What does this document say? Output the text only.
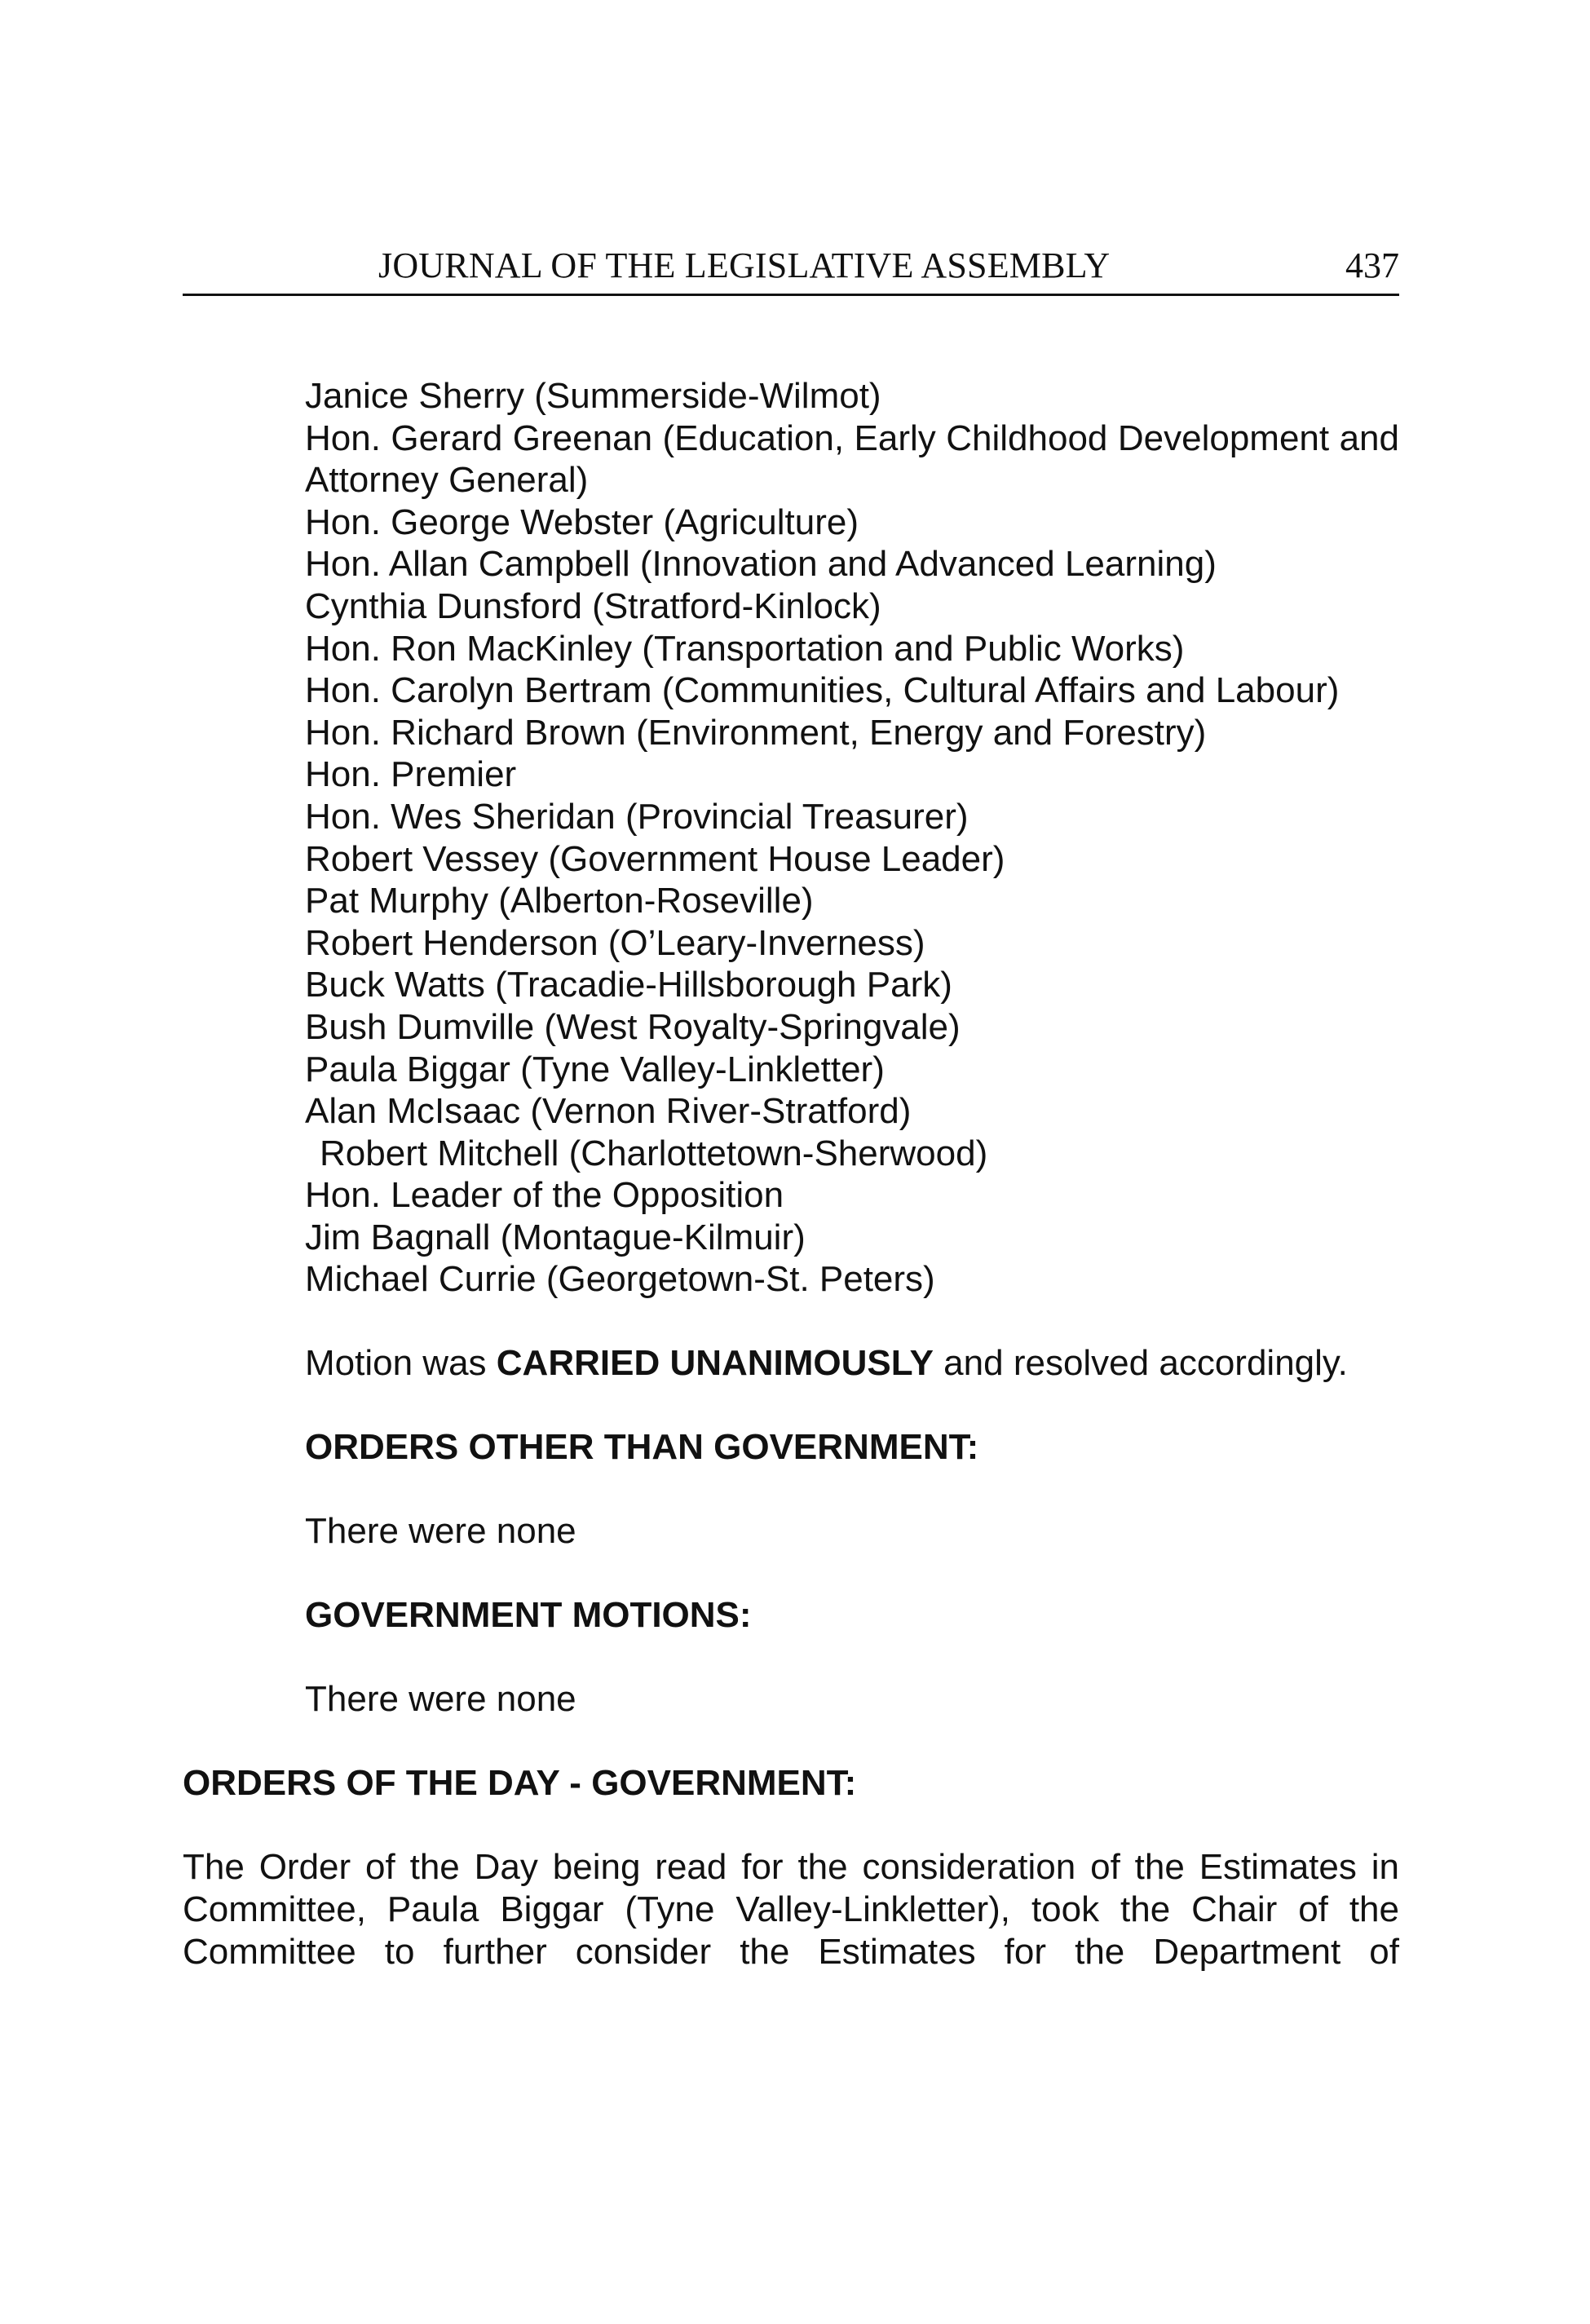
JOURNAL OF THE LEGISLATIVE ASSEMBLY	437
Janice Sherry (Summerside-Wilmot)
Hon. Gerard Greenan (Education, Early Childhood Development and
Attorney General)
Hon. George Webster (Agriculture)
Hon. Allan Campbell (Innovation and Advanced Learning)
Cynthia Dunsford (Stratford-Kinlock)
Hon. Ron MacKinley (Transportation and Public Works)
Hon. Carolyn Bertram (Communities, Cultural Affairs and Labour)
Hon. Richard Brown (Environment, Energy and Forestry)
Hon. Premier
Hon. Wes Sheridan (Provincial Treasurer)
Robert Vessey (Government House Leader)
Pat Murphy (Alberton-Roseville)
Robert Henderson (O’Leary-Inverness)
Buck Watts (Tracadie-Hillsborough Park)
Bush Dumville (West Royalty-Springvale)
Paula Biggar (Tyne Valley-Linkletter)
Alan McIsaac (Vernon River-Stratford)
Robert Mitchell (Charlottetown-Sherwood)
Hon. Leader of the Opposition
Jim Bagnall (Montague-Kilmuir)
Michael Currie (Georgetown-St. Peters)

Motion was CARRIED UNANIMOUSLY and resolved accordingly.

ORDERS OTHER THAN GOVERNMENT:

There were none

GOVERNMENT MOTIONS:

There were none

ORDERS OF THE DAY - GOVERNMENT:

The Order of the Day being read for the consideration of the Estimates in
Committee, Paula Biggar (Tyne Valley-Linkletter), took the Chair of the
Committee to further consider the Estimates for the Department of
